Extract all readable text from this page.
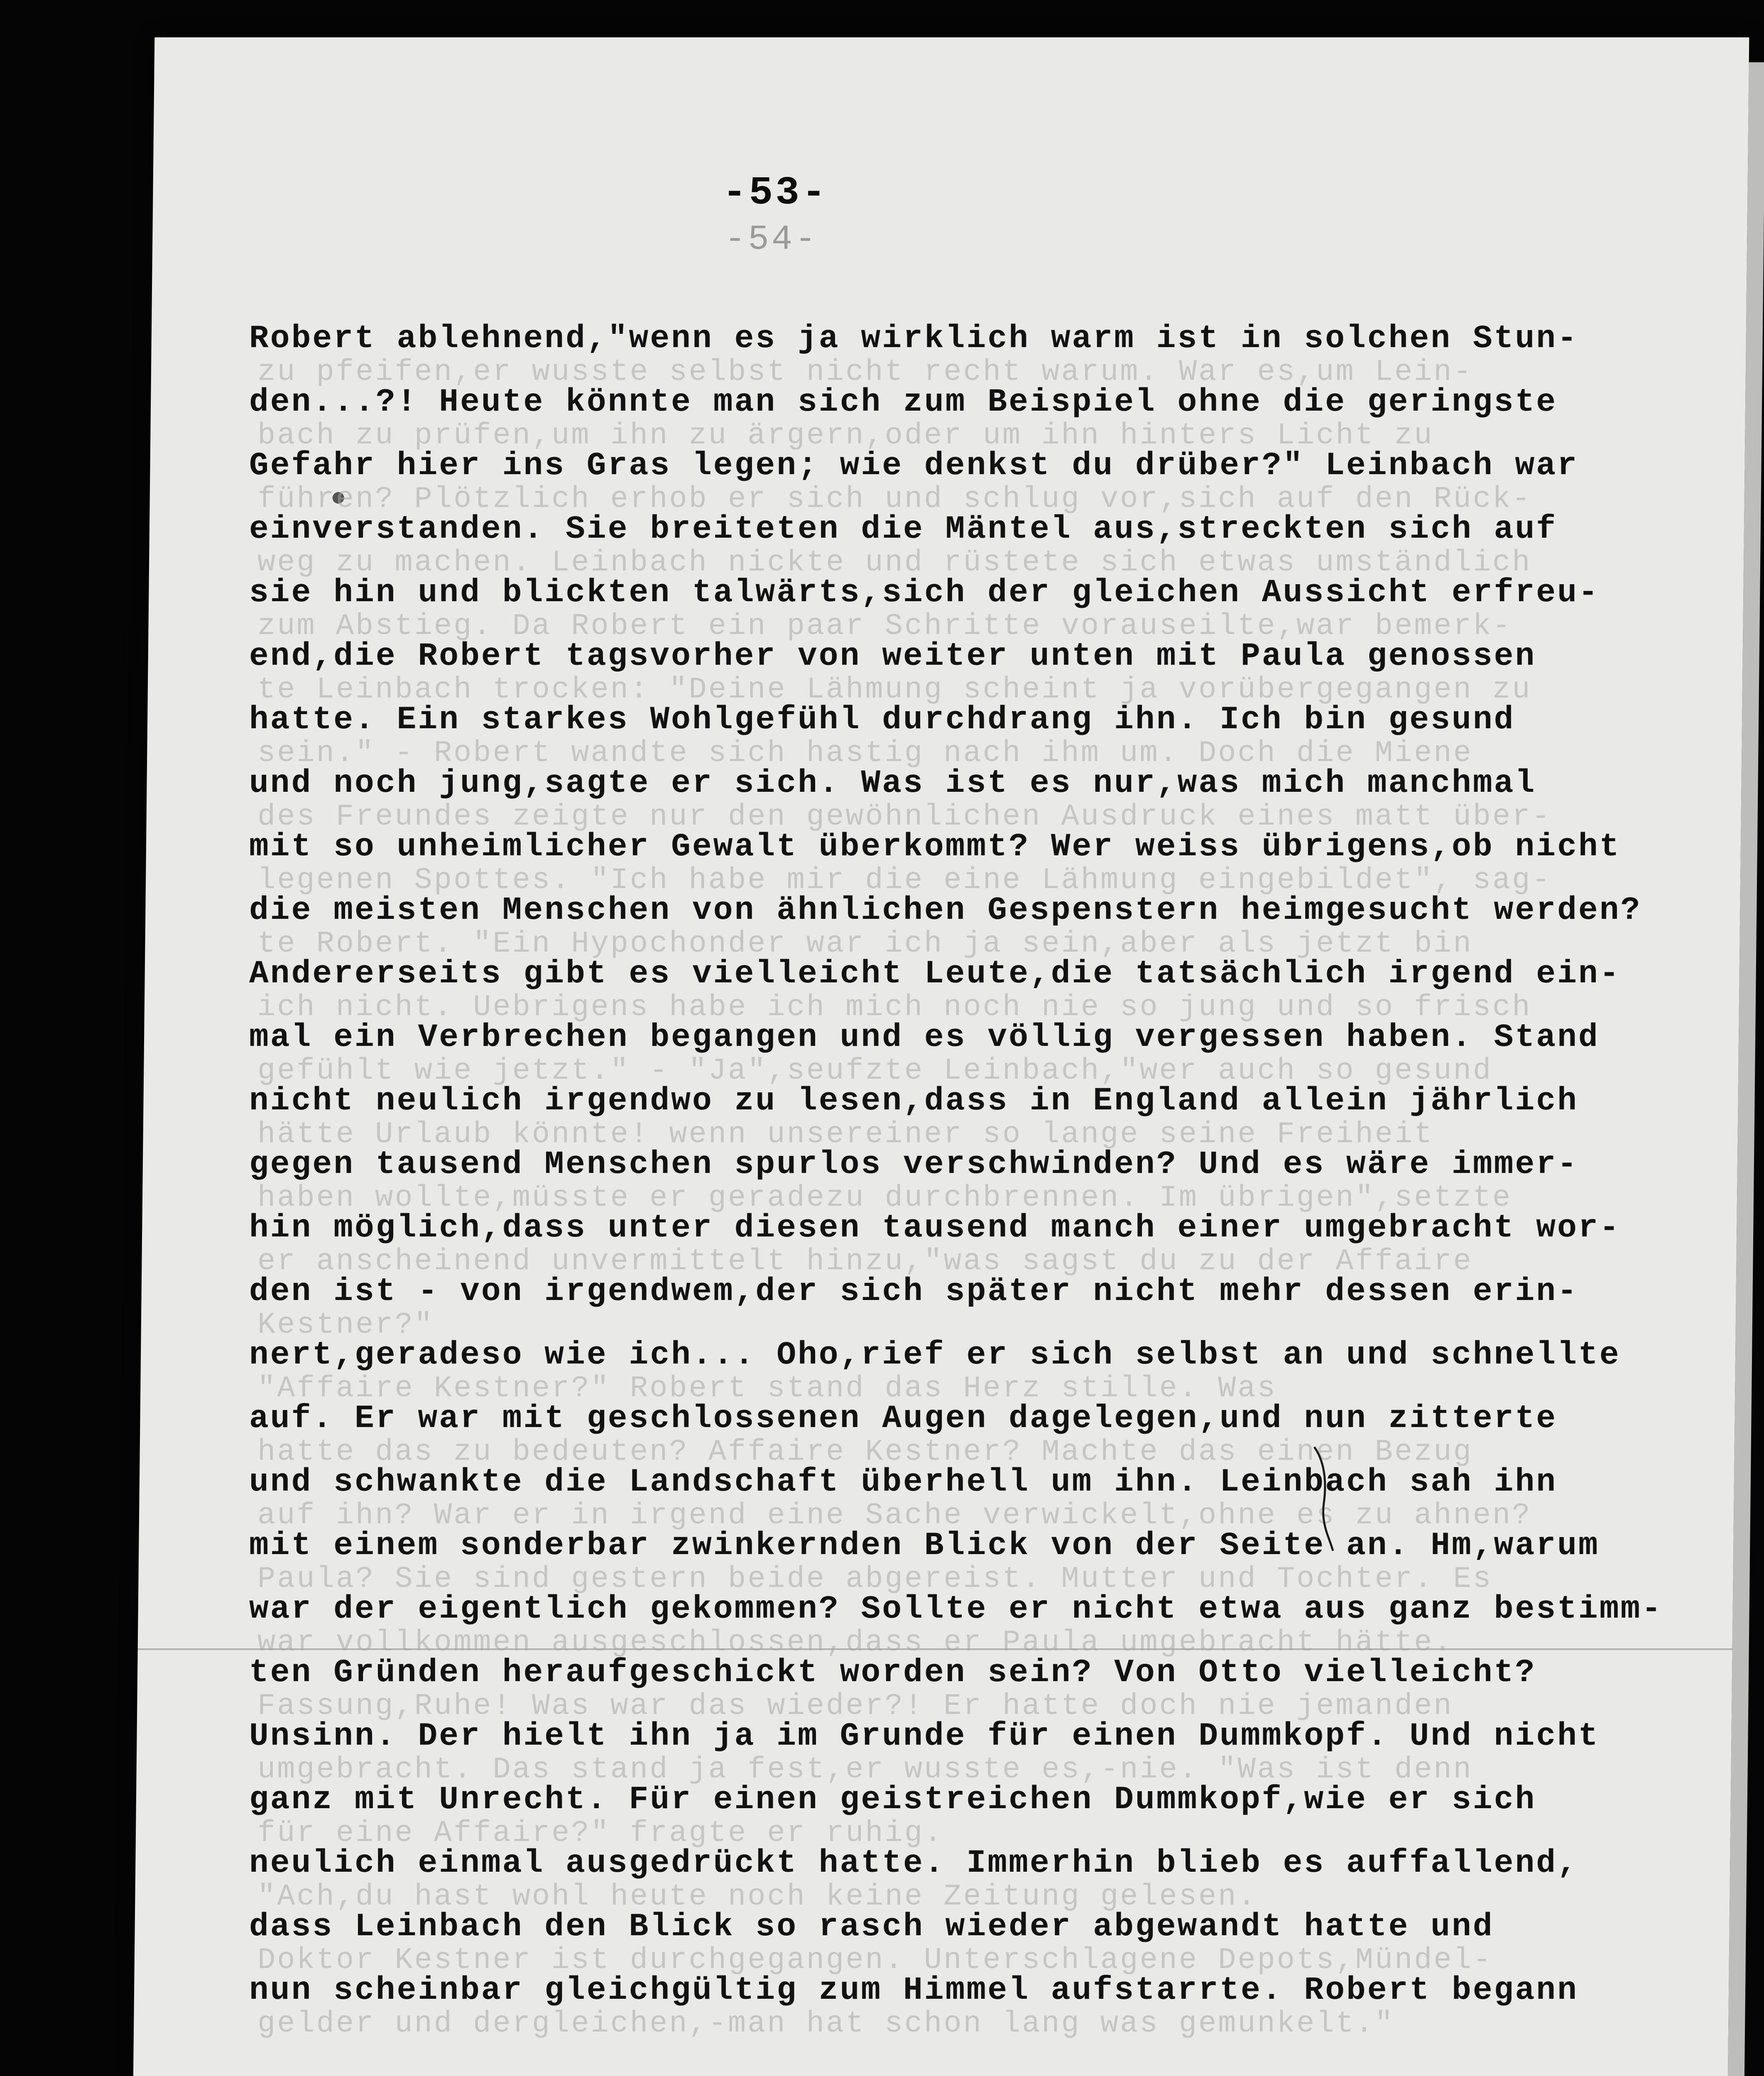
-53-
-54-
zu pfeifen,er wusste selbst nicht recht warum. War es,um Lein-
bach zu prüfen,um ihn zu ärgern,oder um ihn hinters Licht zu
führen? Plötzlich erhob er sich und schlug vor,sich auf den Rück-
weg zu machen. Leinbach nickte und rüstete sich etwas umständlich
zum Abstieg. Da Robert ein paar Schritte vorauseilte,war bemerk-
te Leinbach trocken: "Deine Lähmung scheint ja vorübergegangen zu
sein." - Robert wandte sich hastig nach ihm um. Doch die Miene
des Freundes zeigte nur den gewöhnlichen Ausdruck eines matt über-
legenen Spottes. "Ich habe mir die eine Lähmung eingebildet", sag-
te Robert. "Ein Hypochonder war ich ja sein,aber als jetzt bin
ich nicht. Uebrigens habe ich mich noch nie so jung und so frisch
gefühlt wie jetzt." - "Ja",seufzte Leinbach,"wer auch so gesund
hätte Urlaub könnte! wenn unsereiner so lange seine Freiheit
haben wollte,müsste er geradezu durchbrennen. Im übrigen",setzte
er anscheinend unvermittelt hinzu,"was sagst du zu der Affaire
Kestner?"
"Affaire Kestner?" Robert stand das Herz stille. Was
hatte das zu bedeuten? Affaire Kestner? Machte das einen Bezug
auf ihn? War er in irgend eine Sache verwickelt,ohne es zu ahnen?
Paula? Sie sind gestern beide abgereist. Mutter und Tochter. Es
war vollkommen ausgeschlossen,dass er Paula umgebracht hätte.
Fassung,Ruhe! Was war das wieder?! Er hatte doch nie jemanden
umgebracht. Das stand ja fest,er wusste es,-nie. "Was ist denn
für eine Affaire?" fragte er ruhig.
"Ach,du hast wohl heute noch keine Zeitung gelesen.
Doktor Kestner ist durchgegangen. Unterschlagene Depots,Mündel-
gelder und dergleichen,-man hat schon lang was gemunkelt."
Robert ablehnend,"wenn es ja wirklich warm ist in solchen Stun-
den...?! Heute könnte man sich zum Beispiel ohne die geringste
Gefahr hier ins Gras legen; wie denkst du drüber?" Leinbach war
einverstanden. Sie breiteten die Mäntel aus,streckten sich auf
sie hin und blickten talwärts,sich der gleichen Aussicht erfreu-
end,die Robert tagsvorher von weiter unten mit Paula genossen
hatte. Ein starkes Wohlgefühl durchdrang ihn. Ich bin gesund
und noch jung,sagte er sich. Was ist es nur,was mich manchmal
mit so unheimlicher Gewalt überkommt? Wer weiss übrigens,ob nicht
die meisten Menschen von ähnlichen Gespenstern heimgesucht werden?
Andererseits gibt es vielleicht Leute,die tatsächlich irgend ein-
mal ein Verbrechen begangen und es völlig vergessen haben. Stand
nicht neulich irgendwo zu lesen,dass in England allein jährlich
gegen tausend Menschen spurlos verschwinden? Und es wäre immer-
hin möglich,dass unter diesen tausend manch einer umgebracht wor-
den ist - von irgendwem,der sich später nicht mehr dessen erin-
nert,geradeso wie ich... Oho,rief er sich selbst an und schnellte
auf. Er war mit geschlossenen Augen dagelegen,und nun zitterte
und schwankte die Landschaft überhell um ihn. Leinbach sah ihn
mit einem sonderbar zwinkernden Blick von der Seite an. Hm,warum
war der eigentlich gekommen? Sollte er nicht etwa aus ganz bestimm-
ten Gründen heraufgeschickt worden sein? Von Otto vielleicht?
Unsinn. Der hielt ihn ja im Grunde für einen Dummkopf. Und nicht
ganz mit Unrecht. Für einen geistreichen Dummkopf,wie er sich
neulich einmal ausgedrückt hatte. Immerhin blieb es auffallend,
dass Leinbach den Blick so rasch wieder abgewandt hatte und
nun scheinbar gleichgültig zum Himmel aufstarrte. Robert begann
